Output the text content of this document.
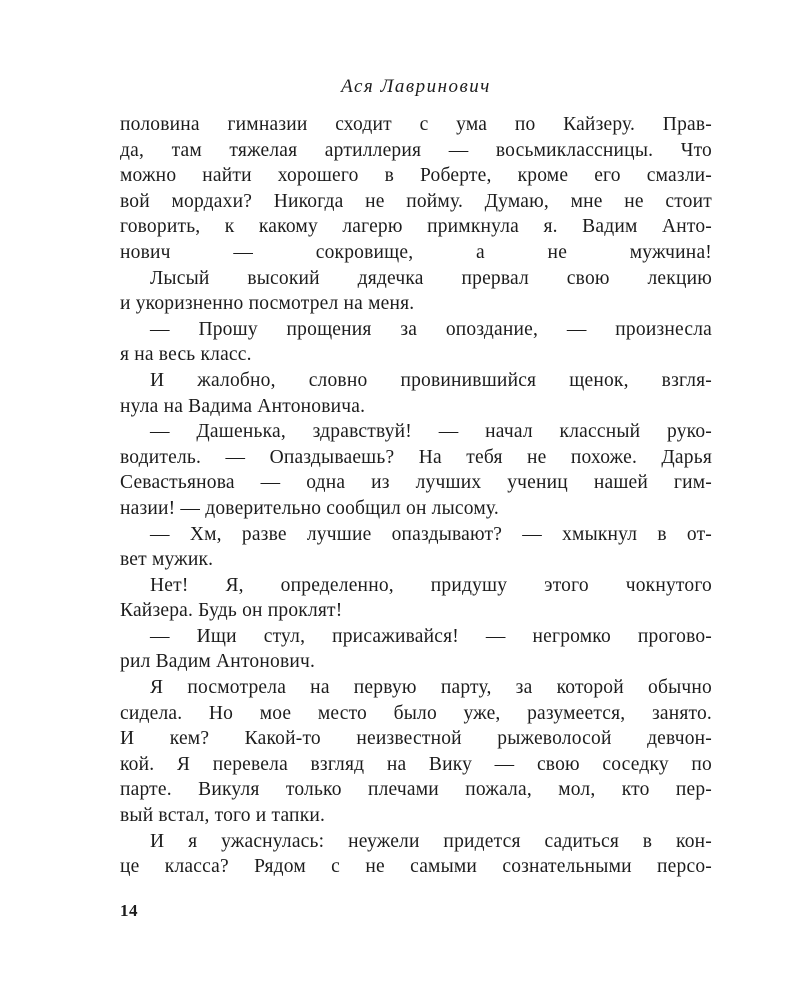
Ася Лавринович
половина гимназии сходит с ума по Кайзеру. Прав-
да, там тяжелая артиллерия — восьмиклассницы. Что
можно найти хорошего в Роберте, кроме его смазли-
вой мордахи? Никогда не пойму. Думаю, мне не стоит
говорить, к какому лагерю примкнула я. Вадим Анто-
нович — сокровище, а не мужчина!
Лысый высокий дядечка прервал свою лекцию
и укоризненно посмотрел на меня.
— Прошу прощения за опоздание, — произнесла
я на весь класс.
И жалобно, словно провинившийся щенок, взгля-
нула на Вадима Антоновича.
— Дашенька, здравствуй! — начал классный руко-
водитель. — Опаздываешь? На тебя не похоже. Дарья
Севастьянова — одна из лучших учениц нашей гим-
назии! — доверительно сообщил он лысому.
— Хм, разве лучшие опаздывают? — хмыкнул в от-
вет мужик.
Нет! Я, определенно, придушу этого чокнутого
Кайзера. Будь он проклят!
— Ищи стул, присаживайся! — негромко прогово-
рил Вадим Антонович.
Я посмотрела на первую парту, за которой обычно
сидела. Но мое место было уже, разумеется, занято.
И кем? Какой-то неизвестной рыжеволосой девчон-
кой. Я перевела взгляд на Вику — свою соседку по
парте. Викуля только плечами пожала, мол, кто пер-
вый встал, того и тапки.
И я ужаснулась: неужели придется садиться в кон-
це класса? Рядом с не самыми сознательными персо-
14
